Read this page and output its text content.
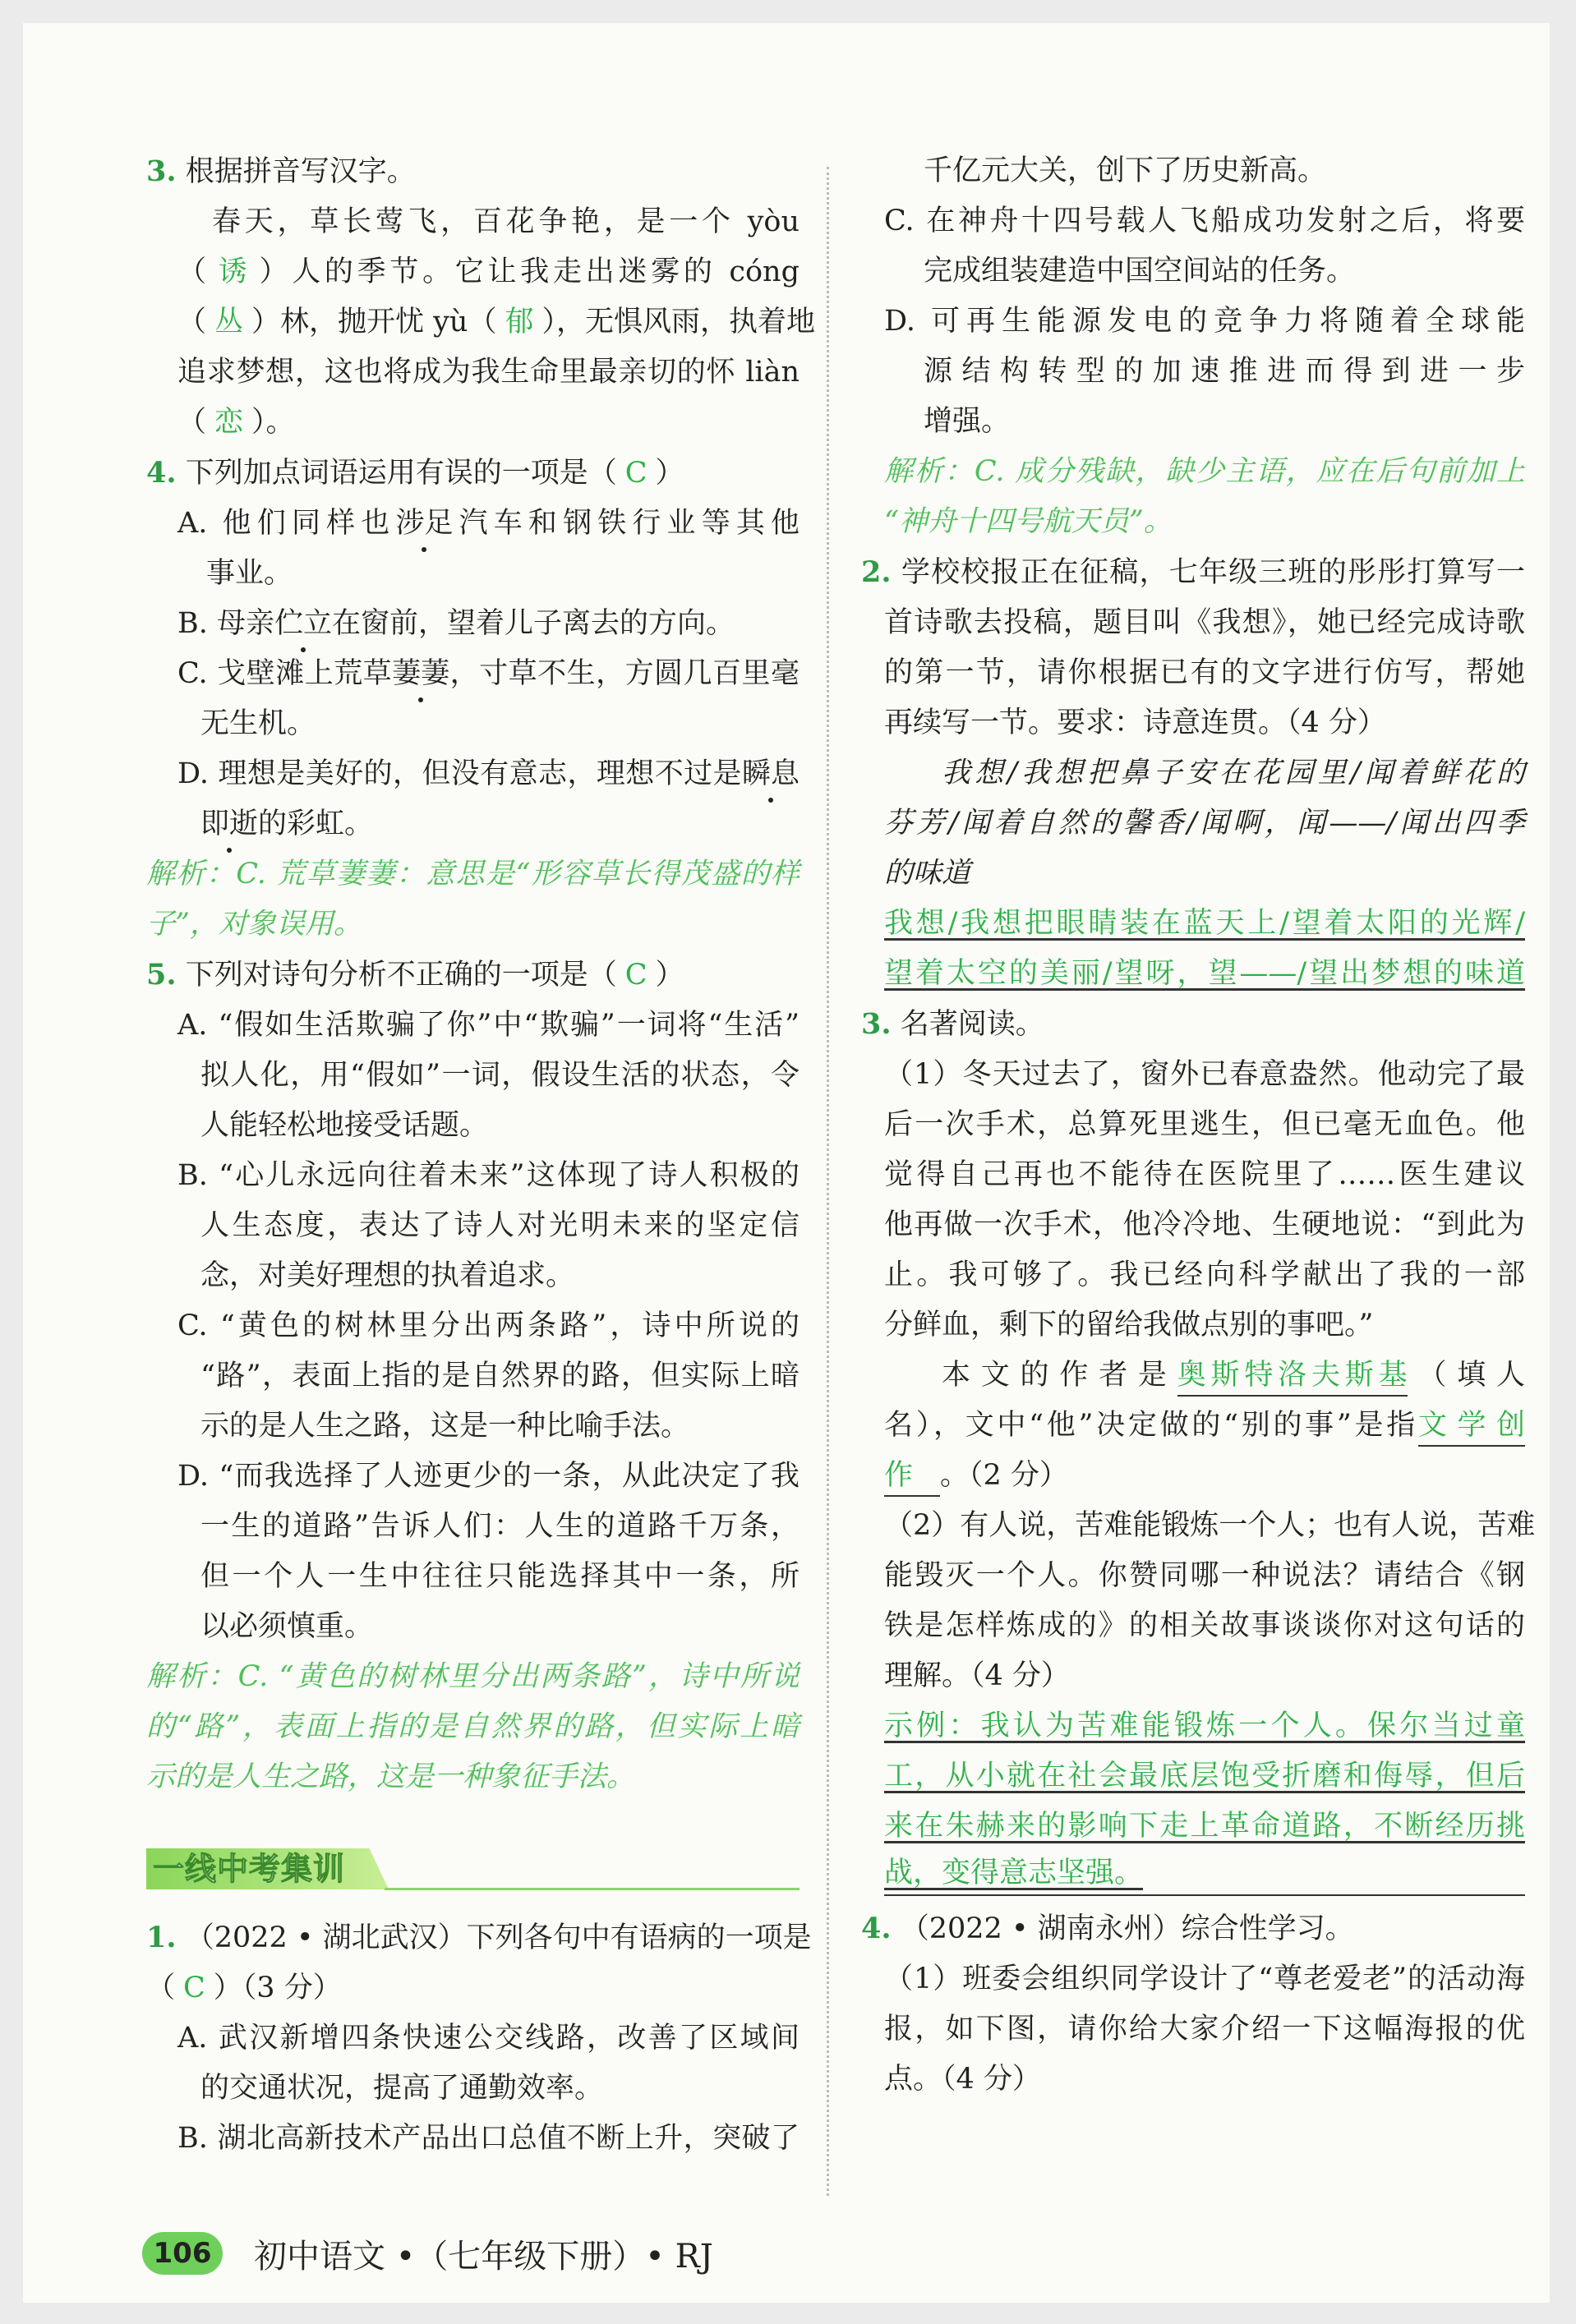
3. 根据拼音写汉字。

春天，草长莺飞，百花争艳，是一个 yòu

（ 诱 ）人的季节。它让我走出迷雾的 cóng

（ 丛 ）林，抛开忧 yù（ 郁 ），无惧风雨，执着地

追求梦想，这也将成为我生命里最亲切的怀 liàn

（ 恋 ）。

4. 下列加点词语运用有误的一项是（ C ）

A. 他们同样也涉足汽车和钢铁行业等其他

事业。

B. 母亲伫立在窗前，望着儿子离去的方向。

C. 戈壁滩上荒草萋萋，寸草不生，方圆几百里毫

无生机。

D. 理想是美好的，但没有意志，理想不过是瞬息

即逝的彩虹。

解析：C. 荒草萋萋：意思是“形容草长得茂盛的样

子”，对象误用。

5. 下列对诗句分析不正确的一项是（ C ）

A. “假如生活欺骗了你”中“欺骗”一词将“生活”

拟人化，用“假如”一词，假设生活的状态，令

人能轻松地接受话题。

B. “心儿永远向往着未来”这体现了诗人积极的

人生态度，表达了诗人对光明未来的坚定信

念，对美好理想的执着追求。

C. “黄色的树林里分出两条路”，诗中所说的

“路”，表面上指的是自然界的路，但实际上暗

示的是人生之路，这是一种比喻手法。

D. “而我选择了人迹更少的一条，从此决定了我

一生的道路”告诉人们：人生的道路千万条，

但一个人一生中往往只能选择其中一条，所

以必须慎重。

解析：C. “黄色的树林里分出两条路”，诗中所说

的“路”，表面上指的是自然界的路，但实际上暗

示的是人生之路，这是一种象征手法。

一线中考集训

1. （2022 • 湖北武汉）下列各句中有语病的一项是

（ C ）（3 分）

A. 武汉新增四条快速公交线路，改善了区域间

的交通状况，提高了通勤效率。

B. 湖北高新技术产品出口总值不断上升，突破了

千亿元大关，创下了历史新高。

C. 在神舟十四号载人飞船成功发射之后，将要

完成组装建造中国空间站的任务。

D. 可再生能源发电的竞争力将随着全球能

源结构转型的加速推进而得到进一步

增强。

解析：C. 成分残缺，缺少主语，应在后句前加上

“神舟十四号航天员”。

2. 学校校报正在征稿，七年级三班的彤彤打算写一

首诗歌去投稿，题目叫《我想》，她已经完成诗歌

的第一节，请你根据已有的文字进行仿写，帮她

再续写一节。要求：诗意连贯。（4 分）

我想/我想把鼻子安在花园里/闻着鲜花的

芬芳/闻着自然的馨香/闻啊，闻——/闻出四季

的味道

我想/我想把眼睛装在蓝天上/望着太阳的光辉/

望着太空的美丽/望呀，望——/望出梦想的味道

3. 名著阅读。

（1）冬天过去了，窗外已春意盎然。他动完了最

后一次手术，总算死里逃生，但已毫无血色。他

觉得自己再也不能待在医院里了……医生建议

他再做一次手术，他冷冷地、生硬地说：“到此为

止。我可够了。我已经向科学献出了我的一部

分鲜血，剩下的留给我做点别的事吧。”

本文的作者是奥斯特洛夫斯基（填人

名），文中“他”决定做的“别的事”是指文学创

作 。（2 分）

（2）有人说，苦难能锻炼一个人；也有人说，苦难

能毁灭一个人。你赞同哪一种说法？请结合《钢

铁是怎样炼成的》的相关故事谈谈你对这句话的

理解。（4 分）

示例：我认为苦难能锻炼一个人。保尔当过童

工，从小就在社会最底层饱受折磨和侮辱，但后

来在朱赫来的影响下走上革命道路，不断经历挑

战，变得意志坚强。

4. （2022 • 湖南永州）综合性学习。

（1）班委会组织同学设计了“尊老爱老”的活动海

报，如下图，请你给大家介绍一下这幅海报的优

点。（4 分）

106	初中语文 •（七年级下册）• RJ
